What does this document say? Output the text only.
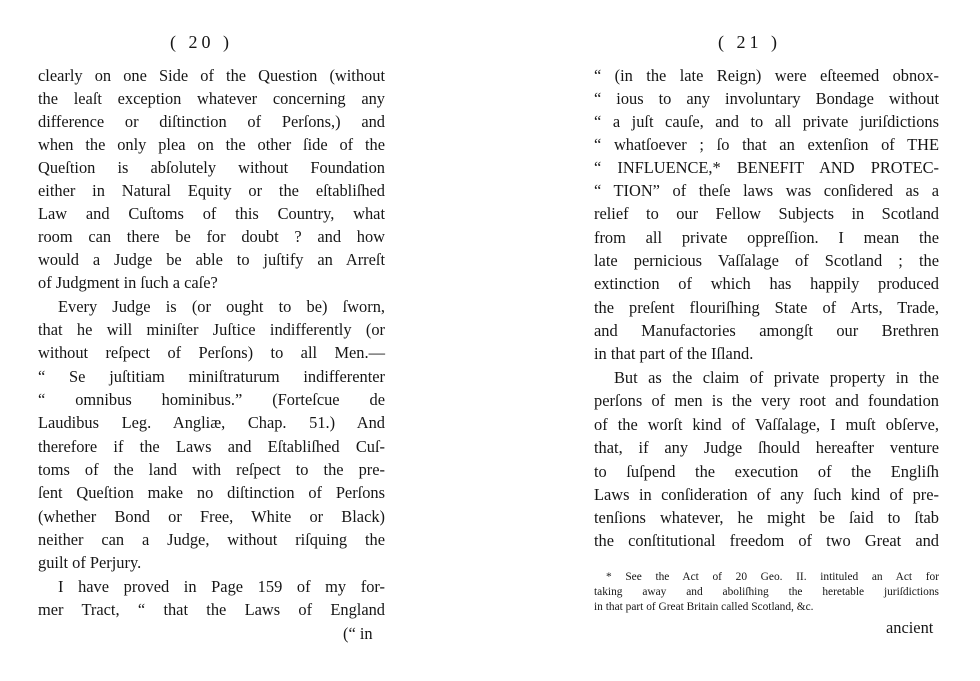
( 20 )
clearly on one Side of the Question (without
the leaſt exception whatever concerning any
difference or diſtinction of Perſons,) and
when the only plea on the other ſide of the
Queſtion is abſolutely without Foundation
either in Natural Equity or the eſtabliſhed
Law and Cuſtoms of this Country, what
room can there be for doubt ? and how
would a Judge be able to juſtify an Arreſt
of Judgment in ſuch a caſe?
Every Judge is (or ought to be) ſworn,
that he will miniſter Juſtice indifferently (or
without reſpect of Perſons) to all Men.—
“ Se juſtitiam miniſtraturum indifferenter
“ omnibus hominibus.” (Forteſcue de
Laudibus Leg. Angliæ, Chap. 51.) And
therefore if the Laws and Eſtabliſhed Cuſ-
toms of the land with reſpect to the pre-
ſent Queſtion make no diſtinction of Perſons
(whether Bond or Free, White or Black)
neither can a Judge, without riſquing the
guilt of Perjury.
I have proved in Page 159 of my for-
mer Tract, “ that the Laws of England
(“ in
( 21 )
“ (in the late Reign) were eſteemed obnox-
“ ious to any involuntary Bondage without
“ a juſt cauſe, and to all private juriſdictions
“ whatſoever ; ſo that an extenſion of THE
“ INFLUENCE,* BENEFIT AND PROTEC-
“ TION” of theſe laws was conſidered as a
relief to our Fellow Subjects in Scotland
from all private oppreſſion. I mean the
late pernicious Vaſſalage of Scotland ; the
extinction of which has happily produced
the preſent flouriſhing State of Arts, Trade,
and Manufactories amongſt our Brethren
in that part of the Iſland.
But as the claim of private property in the
perſons of men is the very root and foundation
of the worſt kind of Vaſſalage, I muſt obſerve,
that, if any Judge ſhould hereafter venture
to ſuſpend the execution of the Engliſh
Laws in conſideration of any ſuch kind of pre-
tenſions whatever, he might be ſaid to ſtab
the conſtitutional freedom of two Great and
* See the Act of 20 Geo. II. intituled an Act for
taking away and aboliſhing the heretable juriſdictions
in that part of Great Britain called Scotland, &c.
ancient
